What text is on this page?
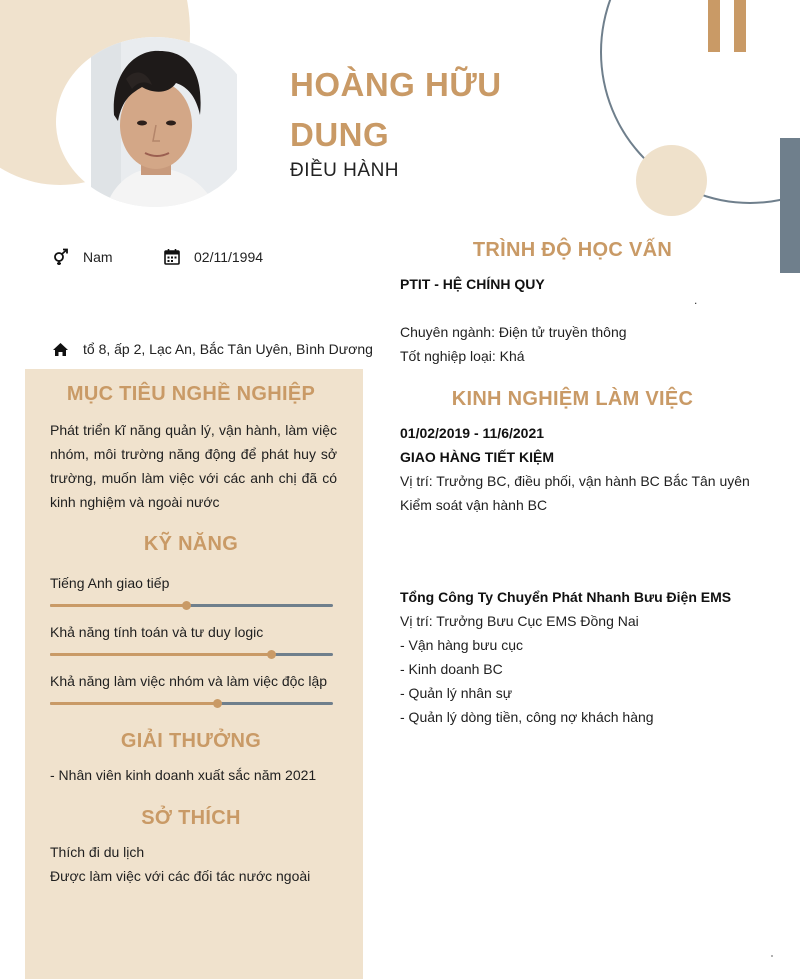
HOÀNG HỮU
DUNG
ĐIỀU HÀNH
Nam	02/11/1994
tổ 8, ấp 2, Lạc An, Bắc Tân Uyên, Bình Dương
MỤC TIÊU NGHỀ NGHIỆP
Phát triển kĩ năng quản lý, vận hành, làm việc nhóm, môi trường năng động để phát huy sở trường, muốn làm việc với các anh chị đã có kinh nghiệm và ngoài nước
KỸ NĂNG
Tiếng Anh giao tiếp
Khả năng tính toán và tư duy logic
Khả năng làm việc nhóm và làm việc độc lập
GIẢI THƯỞNG
- Nhân viên kinh doanh xuất sắc năm 2021
SỞ THÍCH
Thích đi du lịch
Được làm việc với các đối tác nước ngoài
TRÌNH ĐỘ HỌC VẤN
PTIT - HỆ CHÍNH QUY
.
Chuyên ngành: Điện tử truyền thông
Tốt nghiệp loại: Khá
KINH NGHIỆM LÀM VIỆC
01/02/2019 - 11/6/2021
GIAO HÀNG TIẾT KIỆM
Vị trí: Trưởng BC, điều phối, vận hành BC Bắc Tân uyên
Kiểm soát vận hành BC
Tổng Công Ty Chuyển Phát Nhanh Bưu Điện EMS
Vị trí: Trưởng Bưu Cục EMS Đồng Nai
- Vận hàng bưu cục
- Kinh doanh BC
- Quản lý nhân sự
- Quản lý dòng tiền, công nợ khách hàng
